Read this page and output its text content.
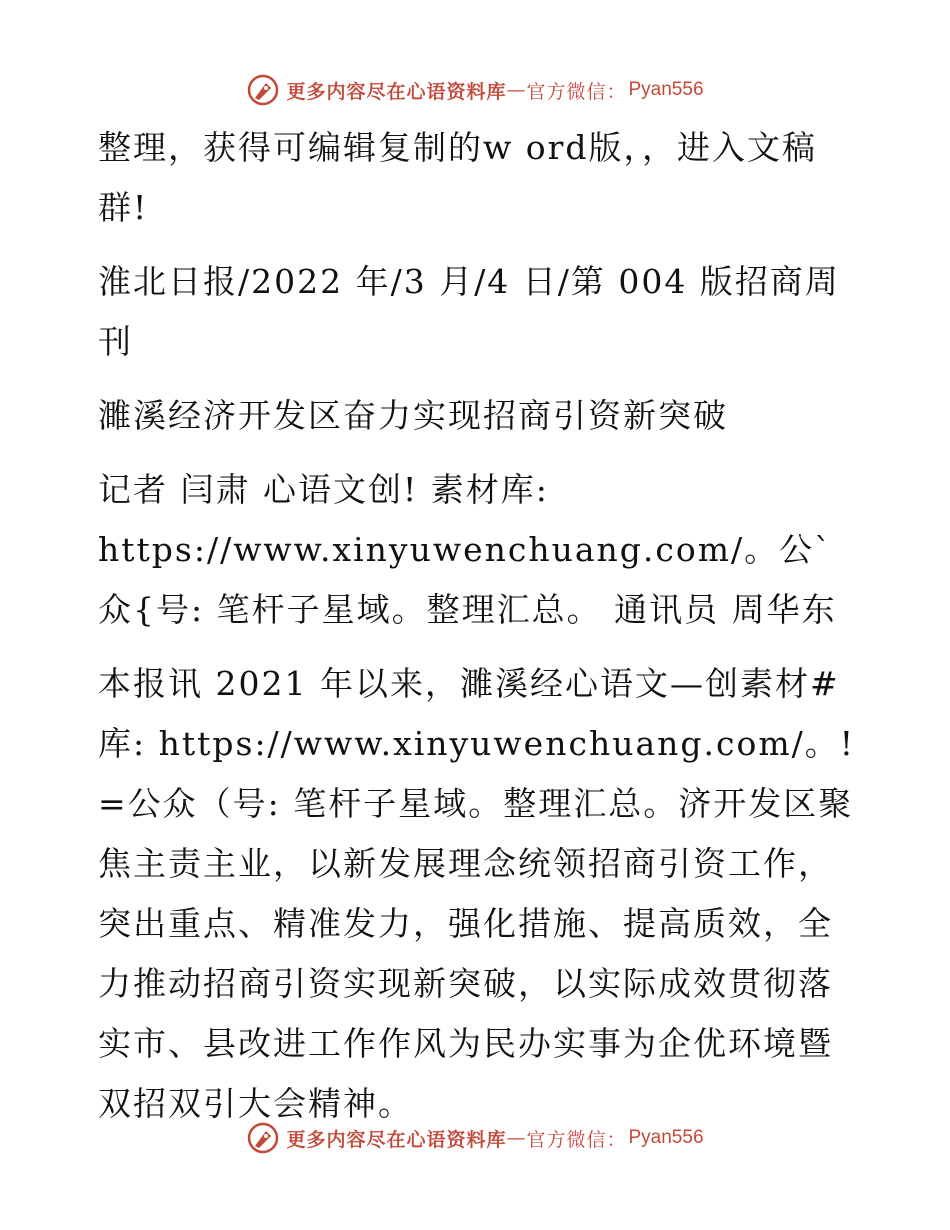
更多内容尽在心语资料库 — 官方微信： Pyan556

整理，获得可编辑复制的w ord版，，进入文稿群!

淮北日报/2022 年/3 月/4 日/第 004 版招商周刊

濉溪经济开发区奋力实现招商引资新突破

记者 闫肃 心语文创! 素材库: https://www.xinyuwenchuang.com/。公`众{号: 笔杆子星域。整理汇总。 通讯员 周华东

本报讯 2021 年以来，濉溪经心语文—创素材#库: https://www.xinyuwenchuang.com/。! =公众（号: 笔杆子星域。整理汇总。济开发区聚焦主责主业，以新发展理念统领招商引资工作，突出重点、精准发力，强化措施、提高质效，全力推动招商引资实现新突破，以实际成效贯彻落实市、县改进工作作风为民办实事为企优环境暨双招双引大会精神。

更多内容尽在心语资料库 — 官方微信： Pyan556
